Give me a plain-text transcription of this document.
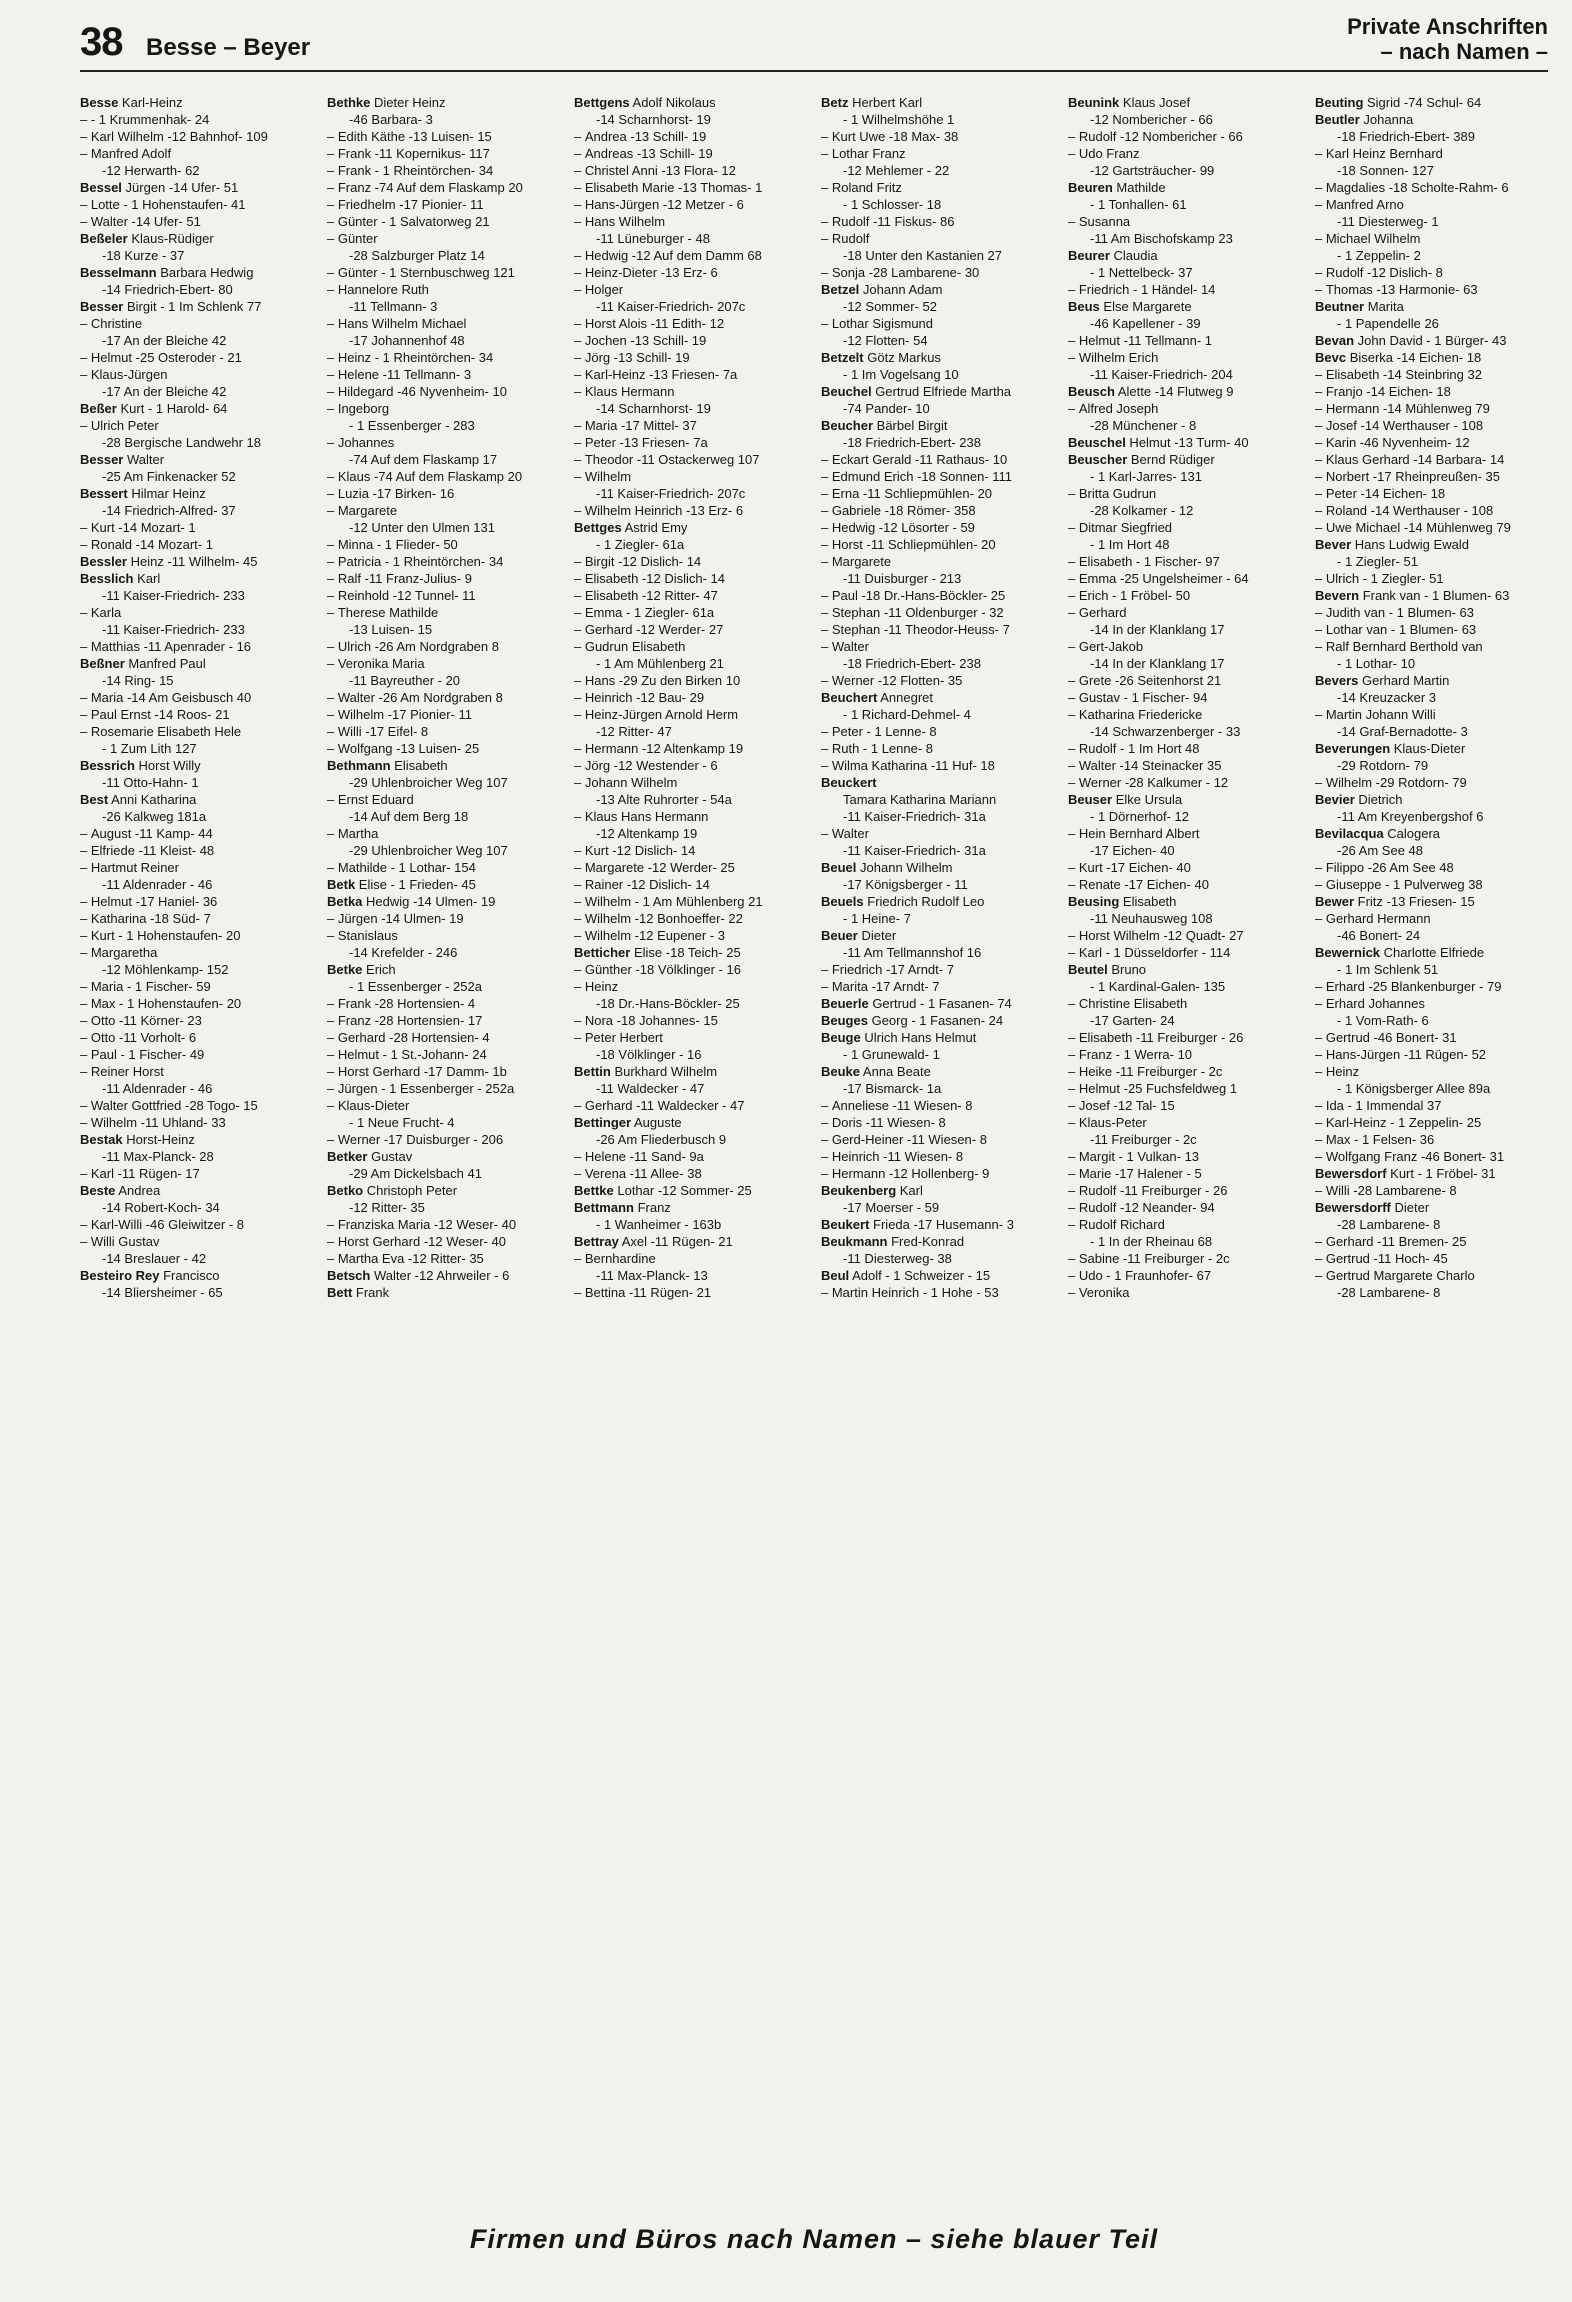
38 Besse – Beyer
Private Anschriften
– nach Namen –
Besse Karl-Heinz
– - 1 Krummenhak- 24
– Karl Wilhelm -12 Bahnhof- 109
– Manfred Adolf
-12 Herwarth- 62
Bessel Jürgen -14 Ufer- 51
– Lotte - 1 Hohenstaufen- 41
– Walter -14 Ufer- 51
Beßeler Klaus-Rüdiger
-18 Kurze - 37
Besselmann Barbara Hedwig
-14 Friedrich-Ebert- 80
Besser Birgit - 1 Im Schlenk 77
– Christine
-17 An der Bleiche 42
– Helmut -25 Osteroder - 21
– Klaus-Jürgen
-17 An der Bleiche 42
Beßer Kurt - 1 Harold- 64
– Ulrich Peter
-28 Bergische Landwehr 18
Besser Walter
-25 Am Finkenacker 52
Bessert Hilmar Heinz
-14 Friedrich-Alfred- 37
– Kurt -14 Mozart- 1
– Ronald -14 Mozart- 1
Bessler Heinz -11 Wilhelm- 45
Besslich Karl
-11 Kaiser-Friedrich- 233
– Karla
-11 Kaiser-Friedrich- 233
– Matthias -11 Apenrader - 16
Beßner Manfred Paul
-14 Ring- 15
– Maria -14 Am Geisbusch 40
– Paul Ernst -14 Roos- 21
– Rosemarie Elisabeth Hele
- 1 Zum Lith 127
Bessrich Horst Willy
-11 Otto-Hahn- 1
Best Anni Katharina
-26 Kalkweg 181a
– August -11 Kamp- 44
– Elfriede -11 Kleist- 48
– Hartmut Reiner
-11 Aldenrader - 46
– Helmut -17 Haniel- 36
– Katharina -18 Süd- 7
– Kurt - 1 Hohenstaufen- 20
– Margaretha
-12 Möhlenkamp- 152
– Maria - 1 Fischer- 59
– Max - 1 Hohenstaufen- 20
– Otto -11 Körner- 23
– Otto -11 Vorholt- 6
– Paul - 1 Fischer- 49
– Reiner Horst
-11 Aldenrader - 46
– Walter Gottfried -28 Togo- 15
– Wilhelm -11 Uhland- 33
Bestak Horst-Heinz
-11 Max-Planck- 28
– Karl -11 Rügen- 17
Beste Andrea
-14 Robert-Koch- 34
– Karl-Willi -46 Gleiwitzer - 8
– Willi Gustav
-14 Breslauer - 42
Besteiro Rey Francisco
-14 Bliersheimer - 65
Bethke Dieter Heinz
-46 Barbara- 3
– Edith Käthe -13 Luisen- 15
– Frank -11 Kopernikus- 117
– Frank - 1 Rheintörchen- 34
– Franz -74 Auf dem Flaskamp 20
– Friedhelm -17 Pionier- 11
– Günter - 1 Salvatorweg 21
– Günter
-28 Salzburger Platz 14
– Günter - 1 Sternbuschweg 121
– Hannelore Ruth
-11 Tellmann- 3
– Hans Wilhelm Michael
-17 Johannenhof 48
– Heinz - 1 Rheintörchen- 34
– Helene -11 Tellmann- 3
– Hildegard -46 Nyvenheim- 10
– Ingeborg
- 1 Essenberger - 283
– Johannes
-74 Auf dem Flaskamp 17
– Klaus -74 Auf dem Flaskamp 20
– Luzia -17 Birken- 16
– Margarete
-12 Unter den Ulmen 131
– Minna - 1 Flieder- 50
– Patricia - 1 Rheintörchen- 34
– Ralf -11 Franz-Julius- 9
– Reinhold -12 Tunnel- 11
– Therese Mathilde
-13 Luisen- 15
– Ulrich -26 Am Nordgraben 8
– Veronika Maria
-11 Bayreuther - 20
– Walter -26 Am Nordgraben 8
– Wilhelm -17 Pionier- 11
– Willi -17 Eifel- 8
– Wolfgang -13 Luisen- 25
Bethmann Elisabeth
-29 Uhlenbroicher Weg 107
– Ernst Eduard
-14 Auf dem Berg 18
– Martha
-29 Uhlenbroicher Weg 107
– Mathilde - 1 Lothar- 154
Betk Elise - 1 Frieden- 45
Betka Hedwig -14 Ulmen- 19
– Jürgen -14 Ulmen- 19
– Stanislaus
-14 Krefelder - 246
Betke Erich
- 1 Essenberger - 252a
– Frank -28 Hortensien- 4
– Franz -28 Hortensien- 17
– Gerhard -28 Hortensien- 4
– Helmut - 1 St.-Johann- 24
– Horst Gerhard -17 Damm- 1b
– Jürgen - 1 Essenberger - 252a
– Klaus-Dieter
- 1 Neue Frucht- 4
– Werner -17 Duisburger - 206
Betker Gustav
-29 Am Dickelsbach 41
Betko Christoph Peter
-12 Ritter- 35
– Franziska Maria -12 Weser- 40
– Horst Gerhard -12 Weser- 40
– Martha Eva -12 Ritter- 35
Betsch Walter -12 Ahrweiler - 6
Bett Frank
Bettgens Adolf Nikolaus
-14 Scharnhorst- 19
– Andrea -13 Schill- 19
– Andreas -13 Schill- 19
– Christel Anni -13 Flora- 12
– Elisabeth Marie -13 Thomas- 1
– Hans-Jürgen -12 Metzer - 6
– Hans Wilhelm
-11 Lüneburger - 48
– Hedwig -12 Auf dem Damm 68
– Heinz-Dieter -13 Erz- 6
– Holger
-11 Kaiser-Friedrich- 207c
– Horst Alois -11 Edith- 12
– Jochen -13 Schill- 19
– Jörg -13 Schill- 19
– Karl-Heinz -13 Friesen- 7a
– Klaus Hermann
-14 Scharnhorst- 19
– Maria -17 Mittel- 37
– Peter -13 Friesen- 7a
– Theodor -11 Ostackerweg 107
– Wilhelm
-11 Kaiser-Friedrich- 207c
– Wilhelm Heinrich -13 Erz- 6
Bettges Astrid Emy
- 1 Ziegler- 61a
– Birgit -12 Dislich- 14
– Elisabeth -12 Dislich- 14
– Elisabeth -12 Ritter- 47
– Emma - 1 Ziegler- 61a
– Gerhard -12 Werder- 27
– Gudrun Elisabeth
- 1 Am Mühlenberg 21
– Hans -29 Zu den Birken 10
– Heinrich -12 Bau- 29
– Heinz-Jürgen Arnold Herm
-12 Ritter- 47
– Hermann -12 Altenkamp 19
– Jörg -12 Westender - 6
– Johann Wilhelm
-13 Alte Ruhrorter - 54a
– Klaus Hans Hermann
-12 Altenkamp 19
– Kurt -12 Dislich- 14
– Margarete -12 Werder- 25
– Rainer -12 Dislich- 14
– Wilhelm - 1 Am Mühlenberg 21
– Wilhelm -12 Bonhoeffer- 22
– Wilhelm -12 Eupener - 3
Betticher Elise -18 Teich- 25
– Günther -18 Völklinger - 16
– Heinz
-18 Dr.-Hans-Böckler- 25
– Nora -18 Johannes- 15
– Peter Herbert
-18 Völklinger - 16
Bettin Burkhard Wilhelm
-11 Waldecker - 47
– Gerhard -11 Waldecker - 47
Bettinger Auguste
-26 Am Fliederbusch 9
– Helene -11 Sand- 9a
– Verena -11 Allee- 38
Bettke Lothar -12 Sommer- 25
Bettmann Franz
- 1 Wanheimer - 163b
Bettray Axel -11 Rügen- 21
– Bernhardine
-11 Max-Planck- 13
– Bettina -11 Rügen- 21
Betz Herbert Karl
- 1 Wilhelmshöhe 1
– Kurt Uwe -18 Max- 38
– Lothar Franz
-12 Mehlemer - 22
– Roland Fritz
- 1 Schlosser- 18
– Rudolf -11 Fiskus- 86
– Rudolf
-18 Unter den Kastanien 27
– Sonja -28 Lambarene- 30
Betzel Johann Adam
-12 Sommer- 52
– Lothar Sigismund
-12 Flotten- 54
Betzelt Götz Markus
- 1 Im Vogelsang 10
Beuchel Gertrud Elfriede Martha
-74 Pander- 10
Beucher Bärbel Birgit
-18 Friedrich-Ebert- 238
– Eckart Gerald -11 Rathaus- 10
– Edmund Erich -18 Sonnen- 111
– Erna -11 Schliepmühlen- 20
– Gabriele -18 Römer- 358
– Hedwig -12 Lösorter - 59
– Horst -11 Schliepmühlen- 20
– Margarete
-11 Duisburger - 213
– Paul -18 Dr.-Hans-Böckler- 25
– Stephan -11 Oldenburger - 32
– Stephan -11 Theodor-Heuss- 7
– Walter
-18 Friedrich-Ebert- 238
– Werner -12 Flotten- 35
Beuchert Annegret
- 1 Richard-Dehmel- 4
– Peter - 1 Lenne- 8
– Ruth - 1 Lenne- 8
– Wilma Katharina -11 Huf- 18
Beuckert
Tamara Katharina Mariann
-11 Kaiser-Friedrich- 31a
– Walter
-11 Kaiser-Friedrich- 31a
Beuel Johann Wilhelm
-17 Königsberger - 11
Beuels Friedrich Rudolf Leo
- 1 Heine- 7
Beuer Dieter
-11 Am Tellmannshof 16
– Friedrich -17 Arndt- 7
– Marita -17 Arndt- 7
Beuerle Gertrud - 1 Fasanen- 74
Beuges Georg - 1 Fasanen- 24
Beuge Ulrich Hans Helmut
- 1 Grunewald- 1
Beuke Anna Beate
-17 Bismarck- 1a
– Anneliese -11 Wiesen- 8
– Doris -11 Wiesen- 8
– Gerd-Heiner -11 Wiesen- 8
– Heinrich -11 Wiesen- 8
– Hermann -12 Hollenberg- 9
Beukenberg Karl
-17 Moerser - 59
Beukert Frieda -17 Husemann- 3
Beukmann Fred-Konrad
-11 Diesterweg- 38
Beul Adolf - 1 Schweizer - 15
– Martin Heinrich - 1 Hohe - 53
Beunink Klaus Josef
-12 Nombericher - 66
– Rudolf -12 Nombericher - 66
– Udo Franz
-12 Gartsträucher- 99
Beuren Mathilde
- 1 Tonhallen- 61
– Susanna
-11 Am Bischofskamp 23
Beurer Claudia
- 1 Nettelbeck- 37
– Friedrich - 1 Händel- 14
Beus Else Margarete
-46 Kapellener - 39
– Helmut -11 Tellmann- 1
– Wilhelm Erich
-11 Kaiser-Friedrich- 204
Beusch Alette -14 Flutweg 9
– Alfred Joseph
-28 Münchener - 8
Beuschel Helmut -13 Turm- 40
Beuscher Bernd Rüdiger
- 1 Karl-Jarres- 131
– Britta Gudrun
-28 Kolkamer - 12
– Ditmar Siegfried
- 1 Im Hort 48
– Elisabeth - 1 Fischer- 97
– Emma -25 Ungelsheimer - 64
– Erich - 1 Fröbel- 50
– Gerhard
-14 In der Klanklang 17
– Gert-Jakob
-14 In der Klanklang 17
– Grete -26 Seitenhorst 21
– Gustav - 1 Fischer- 94
– Katharina Friedericke
-14 Schwarzenberger - 33
– Rudolf - 1 Im Hort 48
– Walter -14 Steinacker 35
– Werner -28 Kalkumer - 12
Beuser Elke Ursula
- 1 Dörnerhof- 12
– Hein Bernhard Albert
-17 Eichen- 40
– Kurt -17 Eichen- 40
– Renate -17 Eichen- 40
Beusing Elisabeth
-11 Neuhausweg 108
– Horst Wilhelm -12 Quadt- 27
– Karl - 1 Düsseldorfer - 114
Beutel Bruno
- 1 Kardinal-Galen- 135
– Christine Elisabeth
-17 Garten- 24
– Elisabeth -11 Freiburger - 26
– Franz - 1 Werra- 10
– Heike -11 Freiburger - 2c
– Helmut -25 Fuchsfeldweg 1
– Josef -12 Tal- 15
– Klaus-Peter
-11 Freiburger - 2c
– Margit - 1 Vulkan- 13
– Marie -17 Halener - 5
– Rudolf -11 Freiburger - 26
– Rudolf -12 Neander- 94
– Rudolf Richard
- 1 In der Rheinau 68
– Sabine -11 Freiburger - 2c
– Udo - 1 Fraunhofer- 67
– Veronika
Beuting Sigrid -74 Schul- 64
Beutler Johanna
-18 Friedrich-Ebert- 389
– Karl Heinz Bernhard
-18 Sonnen- 127
– Magdalies -18 Scholte-Rahm- 6
– Manfred Arno
-11 Diesterweg- 1
– Michael Wilhelm
- 1 Zeppelin- 2
– Rudolf -12 Dislich- 8
– Thomas -13 Harmonie- 63
Beutner Marita
- 1 Papendelle 26
Bevan John David - 1 Bürger- 43
Bevc Biserka -14 Eichen- 18
– Elisabeth -14 Steinbring 32
– Franjo -14 Eichen- 18
– Hermann -14 Mühlenweg 79
– Josef -14 Werthauser - 108
– Karin -46 Nyvenheim- 12
– Klaus Gerhard -14 Barbara- 14
– Norbert -17 Rheinpreußen- 35
– Peter -14 Eichen- 18
– Roland -14 Werthauser - 108
– Uwe Michael -14 Mühlenweg 79
Bever Hans Ludwig Ewald
- 1 Ziegler- 51
– Ulrich - 1 Ziegler- 51
Bevern Frank van - 1 Blumen- 63
– Judith van - 1 Blumen- 63
– Lothar van - 1 Blumen- 63
– Ralf Bernhard Berthold van
- 1 Lothar- 10
Bevers Gerhard Martin
-14 Kreuzacker 3
– Martin Johann Willi
-14 Graf-Bernadotte- 3
Beverungen Klaus-Dieter
-29 Rotdorn- 79
– Wilhelm -29 Rotdorn- 79
Bevier Dietrich
-11 Am Kreyenbergshof 6
Bevilacqua Calogera
-26 Am See 48
– Filippo -26 Am See 48
– Giuseppe - 1 Pulverweg 38
Bewer Fritz -13 Friesen- 15
– Gerhard Hermann
-46 Bonert- 24
Bewernick Charlotte Elfriede
- 1 Im Schlenk 51
– Erhard -25 Blankenburger - 79
– Erhard Johannes
- 1 Vom-Rath- 6
– Gertrud -46 Bonert- 31
– Hans-Jürgen -11 Rügen- 52
– Heinz
- 1 Königsberger Allee 89a
– Ida - 1 Immendal 37
– Karl-Heinz - 1 Zeppelin- 25
– Max - 1 Felsen- 36
– Wolfgang Franz -46 Bonert- 31
Bewersdorf Kurt - 1 Fröbel- 31
– Willi -28 Lambarene- 8
Bewersdorff Dieter
-28 Lambarene- 8
– Gerhard -11 Bremen- 25
– Gertrud -11 Hoch- 45
– Gertrud Margarete Charlo
-28 Lambarene- 8
Firmen und Büros nach Namen – siehe blauer Teil
